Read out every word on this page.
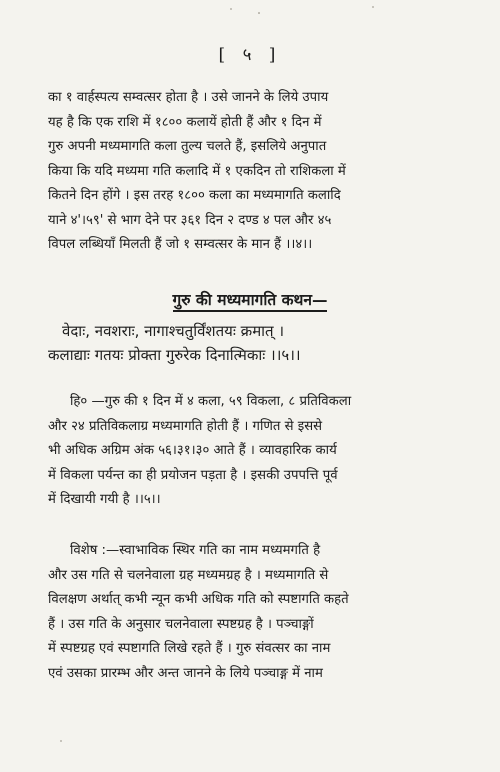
[ ५ ]

का १ वार्हस्पत्य सम्वत्सर होता है । उसे जानने के लिये उपाय
यह है कि एक राशि में १८०० कलायें होती हैं और १ दिन में
गुरु अपनी मध्यमागति कला तुल्य चलते हैं, इसलिये अनुपात
किया कि यदि मध्यमा गति कलादि में १ एकदिन तो राशिकला में
कितने दिन होंगे । इस तरह १८०० कला का मध्यमागति कलादि
याने ४'।५९' से भाग देने पर ३६१ दिन २ दण्ड ४ पल और ४५
विपल लब्धियाँ मिलती हैं जो १ सम्वत्सर के मान हैं ।।४।।

गुरु की मध्यमागति कथन—

वेदाः, नवशराः, नागाश्चतुर्विंशतयः क्रमात् ।
कलाद्याः गतयः प्रोक्ता गुरुरेक दिनात्मिकाः ।।५।।

हि० —गुरु की १ दिन में ४ कला, ५९ विकला, ८ प्रतिविकला
और २४ प्रतिविकलाग्र मध्यमागति होती हैं । गणित से इससे
भी अधिक अग्रिम अंक ५६।३१।३० आते हैं । व्यावहारिक कार्य
में विकला पर्यन्त का ही प्रयोजन पड़ता है । इसकी उपपत्ति पूर्व
में दिखायी गयी है ।।५।।

विशेष :—स्वाभाविक स्थिर गति का नाम मध्यमगति है
और उस गति से चलनेवाला ग्रह मध्यमग्रह है । मध्यमागति से
विलक्षण अर्थात् कभी न्यून कभी अधिक गति को स्पष्टागति कहते
हैं । उस गति के अनुसार चलनेवाला स्पष्टग्रह है । पञ्चाङ्गों
में स्पष्टग्रह एवं स्पष्टागति लिखे रहते हैं । गुरु संवत्सर का नाम
एवं उसका प्रारम्भ और अन्त जानने के लिये पञ्चाङ्ग में नाम
